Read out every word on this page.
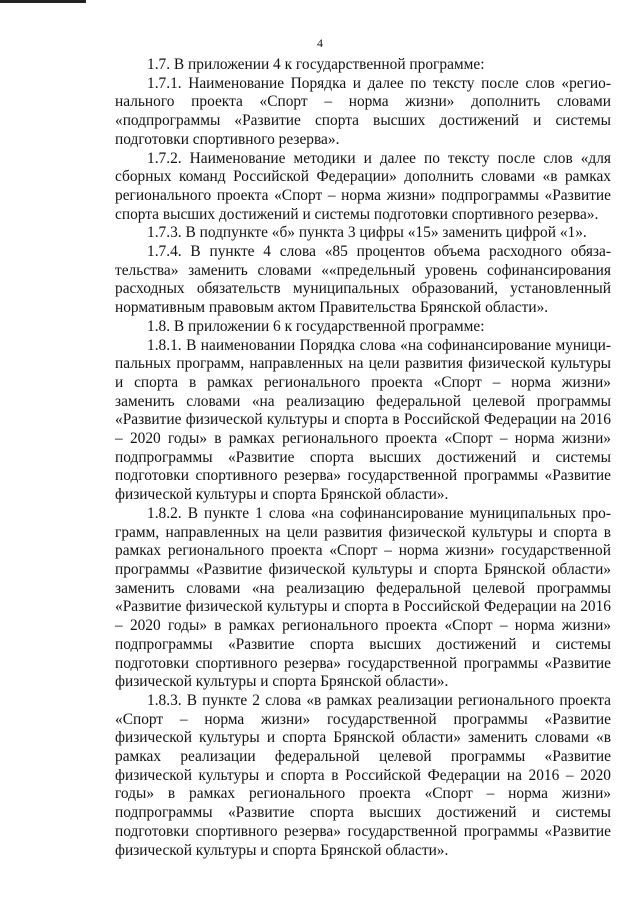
4

1.7. В приложении 4 к государственной программе:

1.7.1. Наименование Порядка и далее по тексту после слов «регионального проекта «Спорт – норма жизни» дополнить словами «подпрограммы «Развитие спорта высших достижений и системы подготовки спортивного резерва».

1.7.2. Наименование методики и далее по тексту после слов «для сборных команд Российской Федерации» дополнить словами «в рамках регионального проекта «Спорт – норма жизни» подпрограммы «Развитие спорта высших достижений и системы подготовки спортивного резерва».

1.7.3. В подпункте «б» пункта 3 цифры «15» заменить цифрой «1».

1.7.4. В пункте 4 слова «85 процентов объема расходного обязательства» заменить словами ««предельный уровень софинансирования расходных обязательств муниципальных образований, установленный нормативным правовым актом Правительства Брянской области».

1.8. В приложении 6 к государственной программе:

1.8.1. В наименовании Порядка слова «на софинансирование муниципальных программ, направленных на цели развития физической культуры и спорта в рамках регионального проекта «Спорт – норма жизни» заменить словами «на реализацию федеральной целевой программы «Развитие физической культуры и спорта в Российской Федерации на 2016 – 2020 годы» в рамках регионального проекта «Спорт – норма жизни» подпрограммы «Развитие спорта высших достижений и системы подготовки спортивного резерва» государственной программы «Развитие физической культуры и спорта Брянской области».

1.8.2. В пункте 1 слова «на софинансирование муниципальных программ, направленных на цели развития физической культуры и спорта в рамках регионального проекта «Спорт – норма жизни» государственной программы «Развитие физической культуры и спорта Брянской области» заменить словами «на реализацию федеральной целевой программы «Развитие физической культуры и спорта в Российской Федерации на 2016 – 2020 годы» в рамках регионального проекта «Спорт – норма жизни» подпрограммы «Развитие спорта высших достижений и системы подготовки спортивного резерва» государственной программы «Развитие физической культуры и спорта Брянской области».

1.8.3. В пункте 2 слова «в рамках реализации регионального проекта «Спорт – норма жизни» государственной программы «Развитие физической культуры и спорта Брянской области» заменить словами «в рамках реализации федеральной целевой программы «Развитие физической культуры и спорта в Российской Федерации на 2016 – 2020 годы» в рамках регионального проекта «Спорт – норма жизни» подпрограммы «Развитие спорта высших достижений и системы подготовки спортивного резерва» государственной программы «Развитие физической культуры и спорта Брянской области».
